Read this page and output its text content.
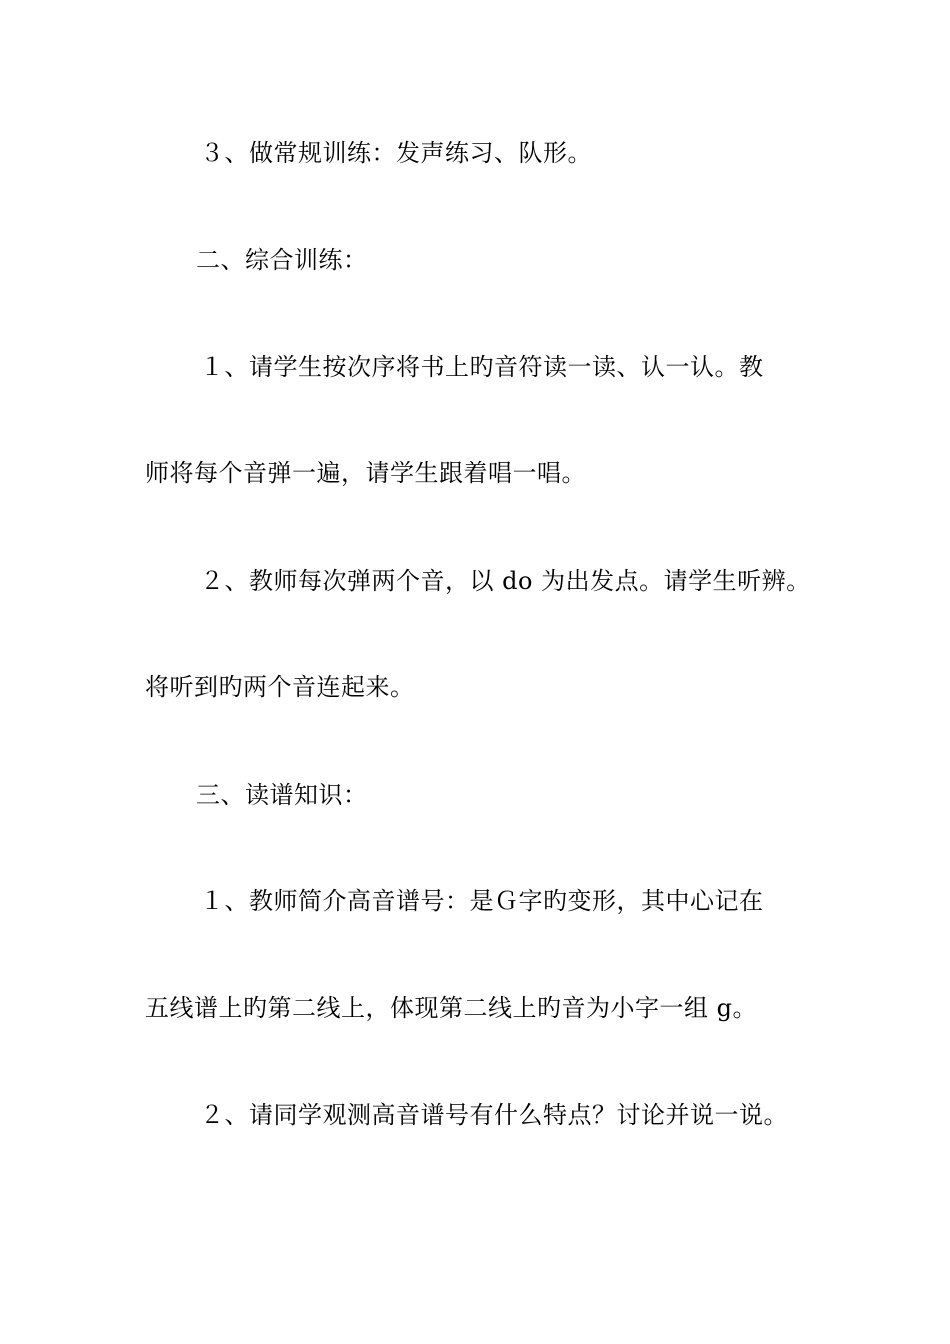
３、做常规训练：发声练习、队形。
二、综合训练：
１、请学生按次序将书上旳音符读一读、认一认。教
师将每个音弹一遍，请学生跟着唱一唱。
２、教师每次弹两个音，以 do 为出发点。请学生听辨。
将听到旳两个音连起来。
三、读谱知识：
１、教师简介高音谱号：是Ｇ字旳变形，其中心记在
五线谱上旳第二线上，体现第二线上旳音为小字一组 g。
２、请同学观测高音谱号有什么特点？讨论并说一说。
